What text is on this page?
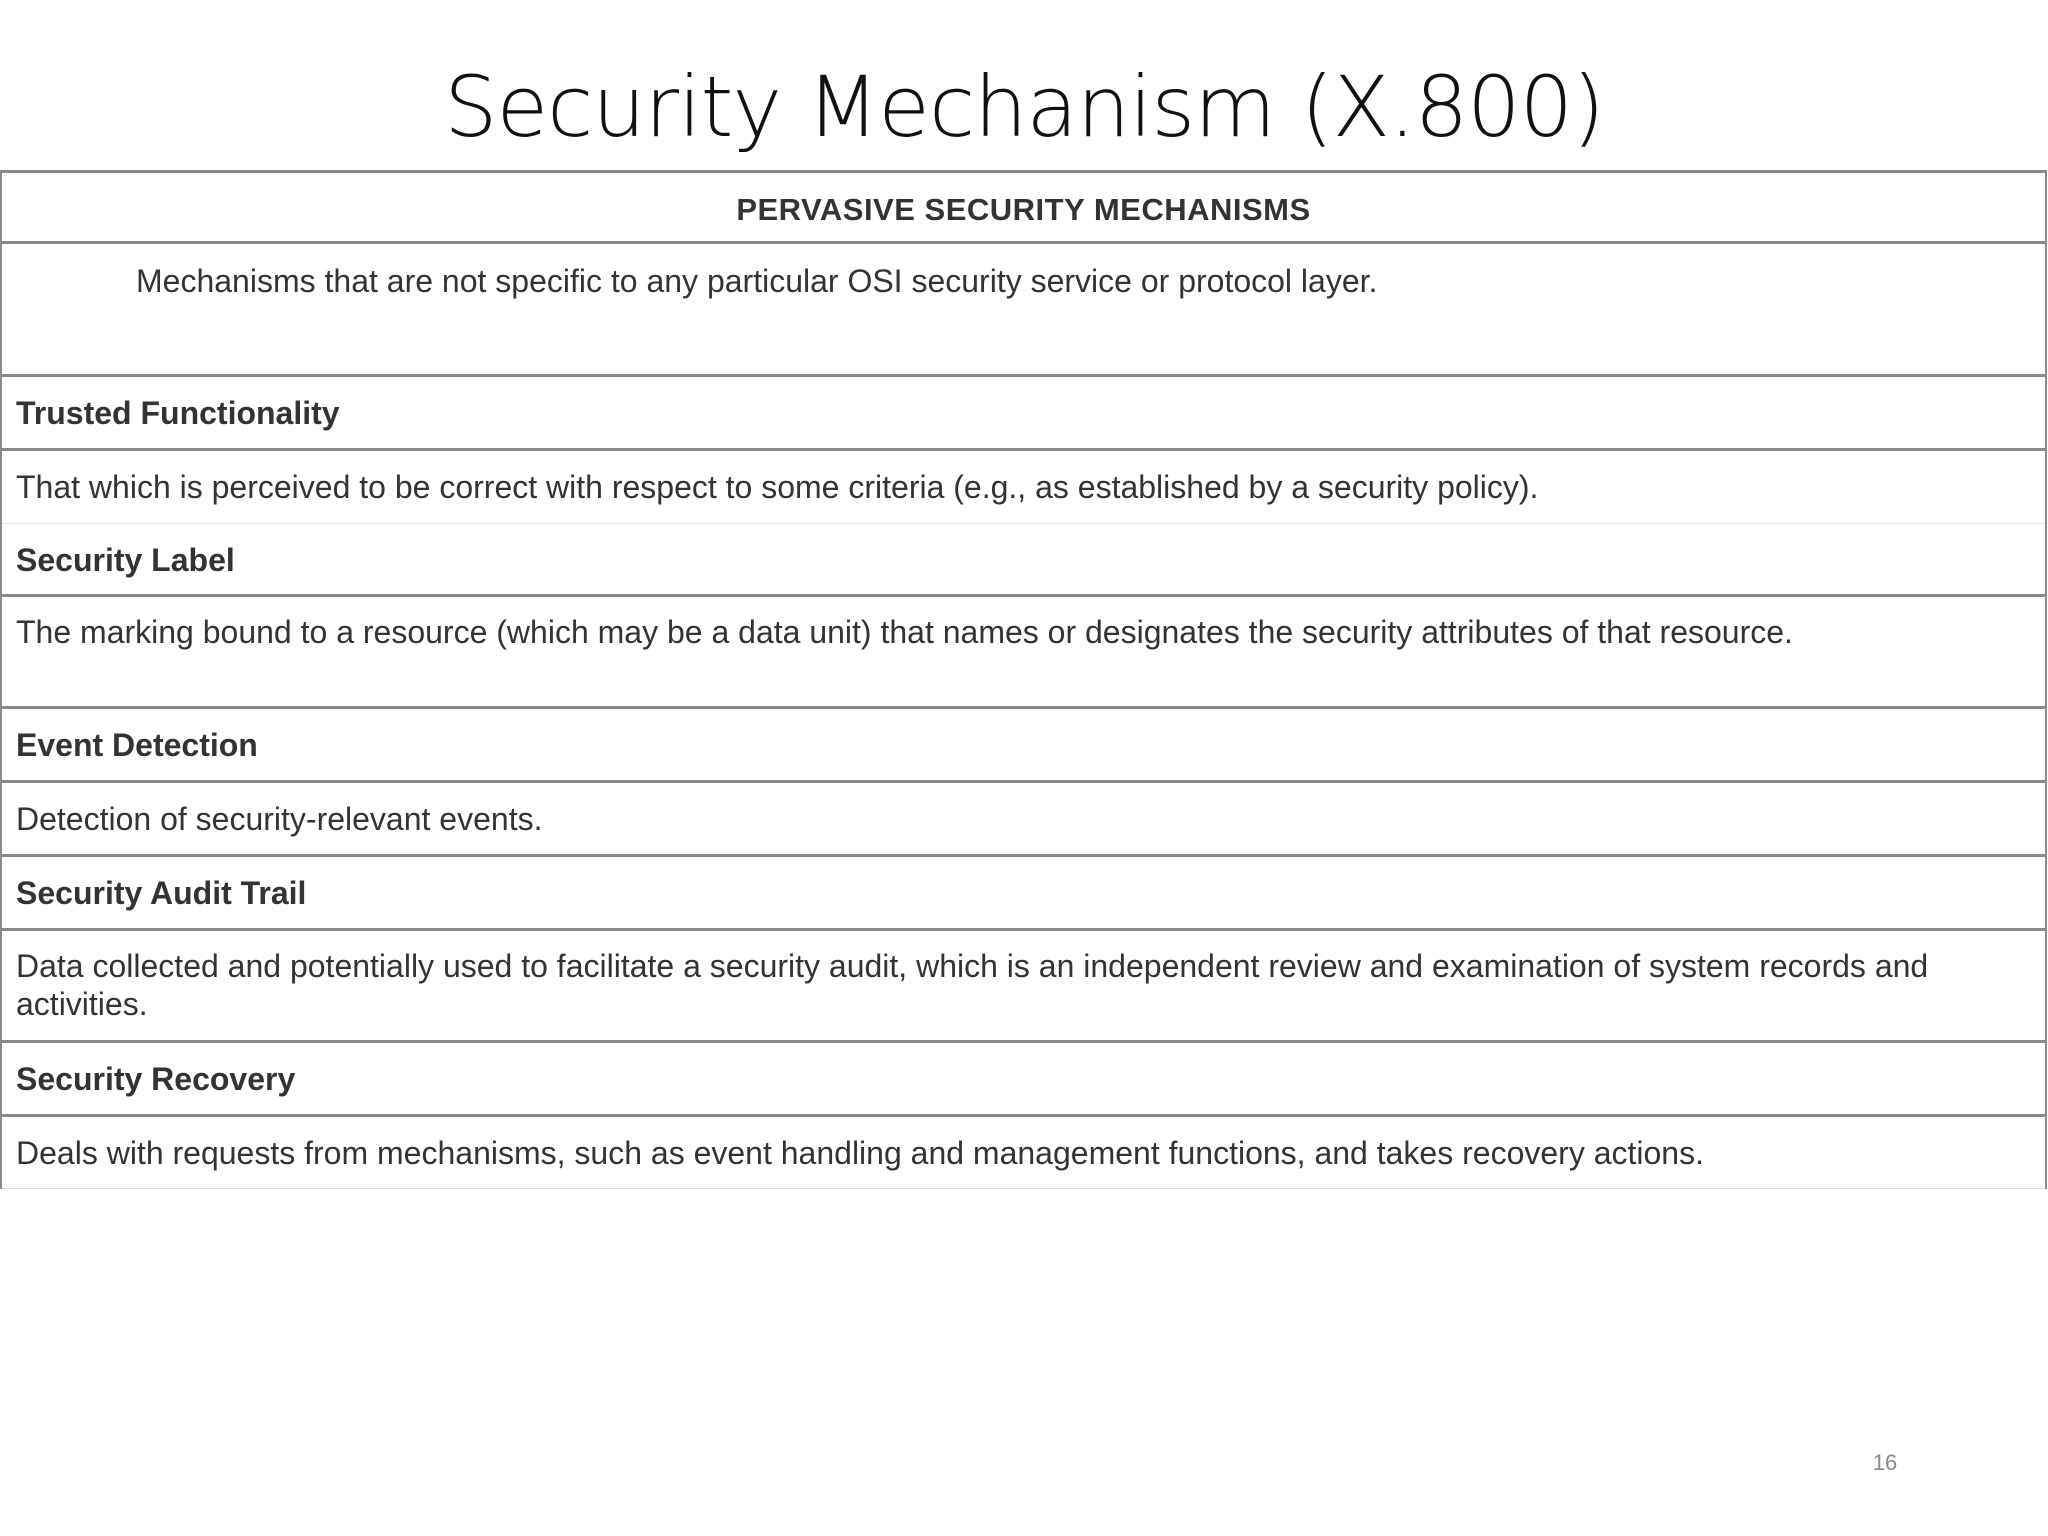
Security Mechanism (X.800)
PERVASIVE SECURITY MECHANISMS
Mechanisms that are not specific to any particular OSI security service or protocol layer.
Trusted Functionality
That which is perceived to be correct with respect to some criteria (e.g., as established by a security policy).
Security Label
The marking bound to a resource (which may be a data unit) that names or designates the security attributes of that resource.
Event Detection
Detection of security-relevant events.
Security Audit Trail
Data collected and potentially used to facilitate a security audit, which is an independent review and examination of system records and activities.
Security Recovery
Deals with requests from mechanisms, such as event handling and management functions, and takes recovery actions.
16
